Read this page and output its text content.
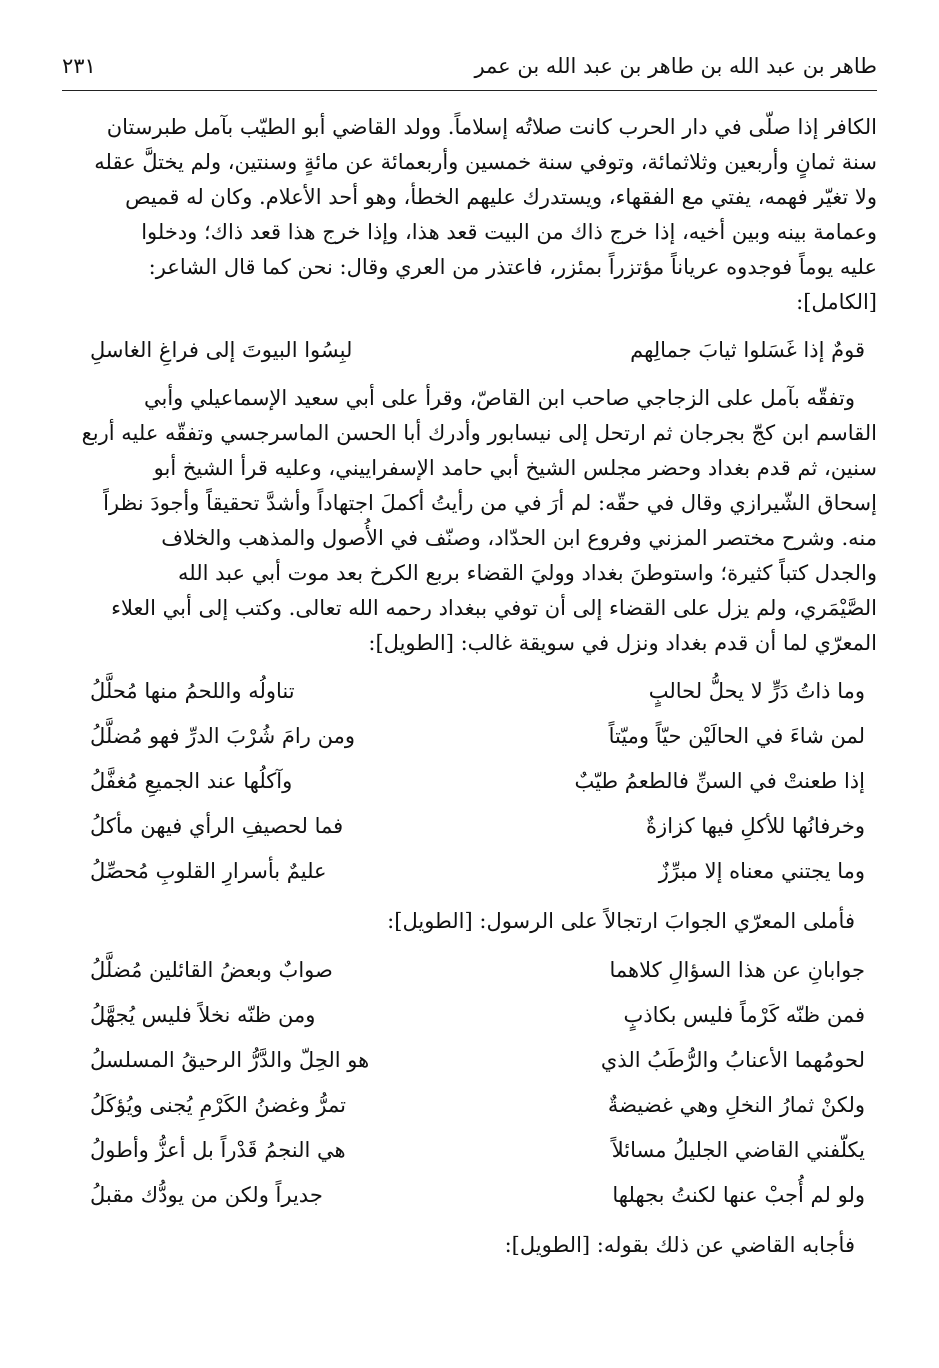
طاهر بن عبد الله بن طاهر بن عبد الله بن عمر
٢٣١

الكافر إذا صلّى في دار الحرب كانت صلاتُه إسلاماً. وولد القاضي أبو الطيّب بآمل طبرستان

سنة ثمانٍ وأربعين وثلاثمائة، وتوفي سنة خمسين وأربعمائة عن مائةٍ وسنتين، ولم يختلَّ عقله

ولا تغيّر فهمه، يفتي مع الفقهاء، ويستدرك عليهم الخطأ، وهو أحد الأعلام. وكان له قميص

وعمامة بينه وبين أخيه، إذا خرج ذاك من البيت قعد هذا، وإذا خرج هذا قعد ذاك؛ ودخلوا

عليه يوماً فوجدوه عرياناً مؤتزراً بمئزر، فاعتذر من العري وقال: نحن كما قال الشاعر:

[الكامل]:

قومٌ إذا غَسَلوا ثيابَ جمالِهم
لبِسُوا البيوتَ إلى فراغِ الغاسلِ

وتفقّه بآمل على الزجاجي صاحب ابن القاصّ، وقرأ على أبي سعيد الإسماعيلي وأبي

القاسم ابن كجّ بجرجان ثم ارتحل إلى نيسابور وأدرك أبا الحسن الماسرجسي وتفقّه عليه أربع

سنين، ثم قدم بغداد وحضر مجلس الشيخ أبي حامد الإسفراييني، وعليه قرأ الشيخ أبو

إسحاق الشّيرازي وقال في حقّه: لم أرَ في من رأيتُ أكملَ اجتهاداً وأشدَّ تحقيقاً وأجودَ نظراً

منه. وشرح مختصر المزني وفروع ابن الحدّاد، وصنّف في الأُصول والمذهب والخلاف

والجدل كتباً كثيرة؛ واستوطنَ بغداد ووليَ القضاء بربع الكرخ بعد موت أبي عبد الله

الصَّيْمَري، ولم يزل على القضاء إلى أن توفي ببغداد رحمه الله تعالى. وكتب إلى أبي العلاء

المعرّي لما أن قدم بغداد ونزل في سويقة غالب: [الطويل]:

وما ذاتُ دَرٍّ لا يحلُّ لحالبٍ
تناولُه واللحمُ منها مُحلَّلُ
لمن شاءَ في الحالَيْن حيّاً وميّتاً
ومن رامَ شُرْبَ الدرِّ فهو مُضلَّلُ
إذا طعنتْ في السنِّ فالطعمُ طيّبٌ
وآكلُها عند الجميعِ مُغفَّلُ
وخرفانُها للأكلِ فيها كزازةٌ
فما لحصيفِ الرأي فيهن مأكلُ
وما يجتني معناه إلا مبرِّزٌ
عليمٌ بأسرارِ القلوبِ مُحصِّلُ
فأملى المعرّي الجوابَ ارتجالاً على الرسول: [الطويل]:
جوابانِ عن هذا السؤالِ كلاهما
صوابٌ وبعضُ القائلين مُضلَّلُ
فمن ظنّه كَرْماً فليس بكاذبٍ
ومن ظنّه نخلاً فليس يُجهَّلُ
لحومُهما الأعنابُ والرُّطَبُ الذي
هو الحِلّ والدَّرُّ الرحيقُ المسلسلُ
ولكنْ ثمارُ النخلِ وهي غضيضةٌ
تمرُّ وغضنُ الكَرْمِ يُجنى ويُؤكَلُ
يكلّفني القاضي الجليلُ مسائلاً
هي النجمُ قَدْراً بل أعزُّ وأطولُ
ولو لم أُجبْ عنها لكنتُ بجهلها
جديراً ولكن من يودُّك مقبلُ
فأجابه القاضي عن ذلك بقوله: [الطويل]:
